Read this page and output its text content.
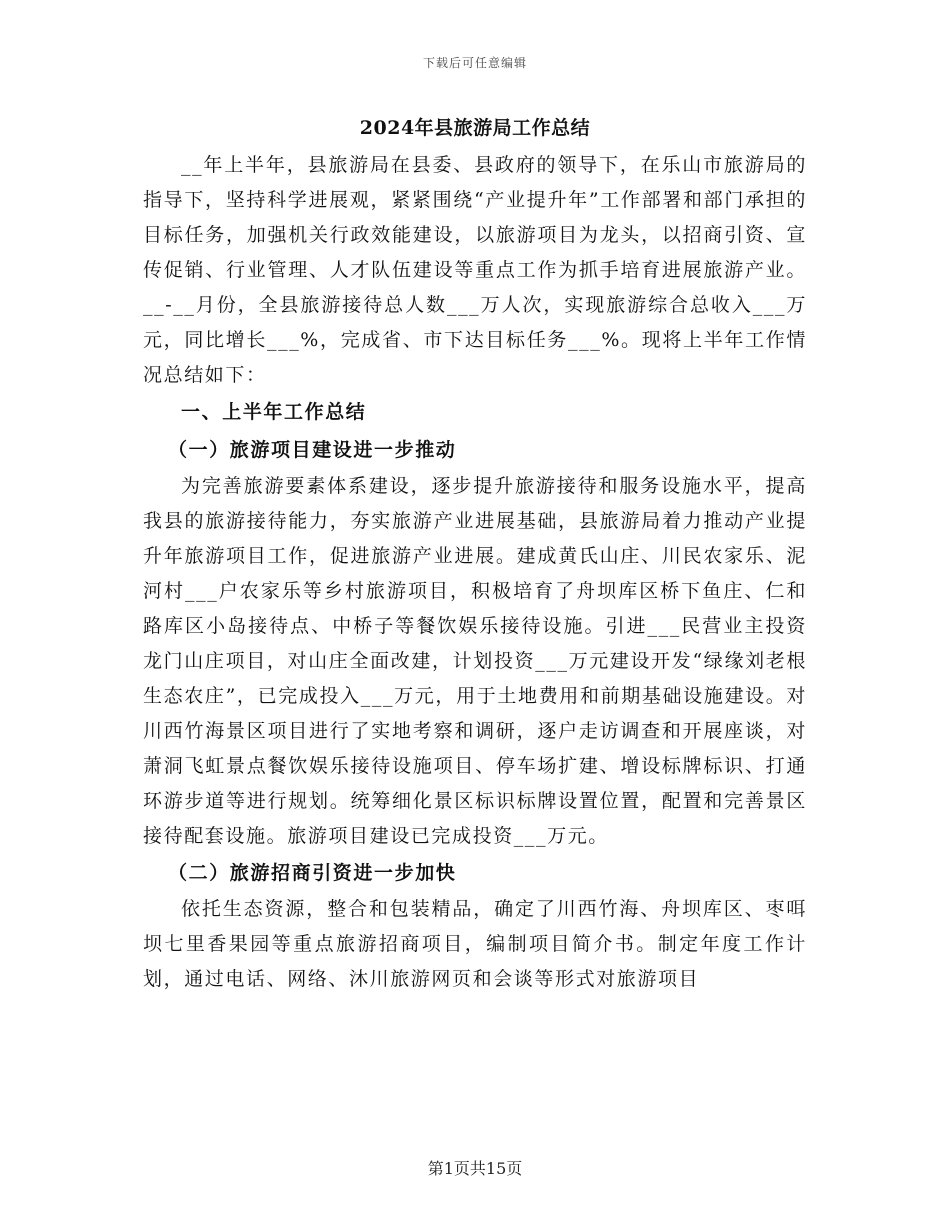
下载后可任意编辑
2024年县旅游局工作总结

__年上半年，县旅游局在县委、县政府的领导下，在乐山市旅游局的指导下，坚持科学进展观，紧紧围绕“产业提升年”工作部署和部门承担的目标任务，加强机关行政效能建设，以旅游项目为龙头，以招商引资、宣传促销、行业管理、人才队伍建设等重点工作为抓手培育进展旅游产业。__-__月份，全县旅游接待总人数___万人次，实现旅游综合总收入___万元，同比增长___%，完成省、市下达目标任务___%。现将上半年工作情况总结如下：

一、上半年工作总结
（一）旅游项目建设进一步推动

为完善旅游要素体系建设，逐步提升旅游接待和服务设施水平，提高我县的旅游接待能力，夯实旅游产业进展基础，县旅游局着力推动产业提升年旅游项目工作，促进旅游产业进展。建成黄氏山庄、川民农家乐、泥河村___户农家乐等乡村旅游项目，积极培育了舟坝库区桥下鱼庄、仁和路库区小岛接待点、中桥子等餐饮娱乐接待设施。引进___民营业主投资龙门山庄项目，对山庄全面改建，计划投资___万元建设开发“绿缘刘老根生态农庄”，已完成投入___万元，用于土地费用和前期基础设施建设。对川西竹海景区项目进行了实地考察和调研，逐户走访调查和开展座谈，对萧洞飞虹景点餐饮娱乐接待设施项目、停车场扩建、增设标牌标识、打通环游步道等进行规划。统筹细化景区标识标牌设置位置，配置和完善景区接待配套设施。旅游项目建设已完成投资___万元。

（二）旅游招商引资进一步加快

依托生态资源，整合和包装精品，确定了川西竹海、舟坝库区、枣咡坝七里香果园等重点旅游招商项目，编制项目简介书。制定年度工作计划，通过电话、网络、沐川旅游网页和会谈等形式对旅游项目

第1页共15页
